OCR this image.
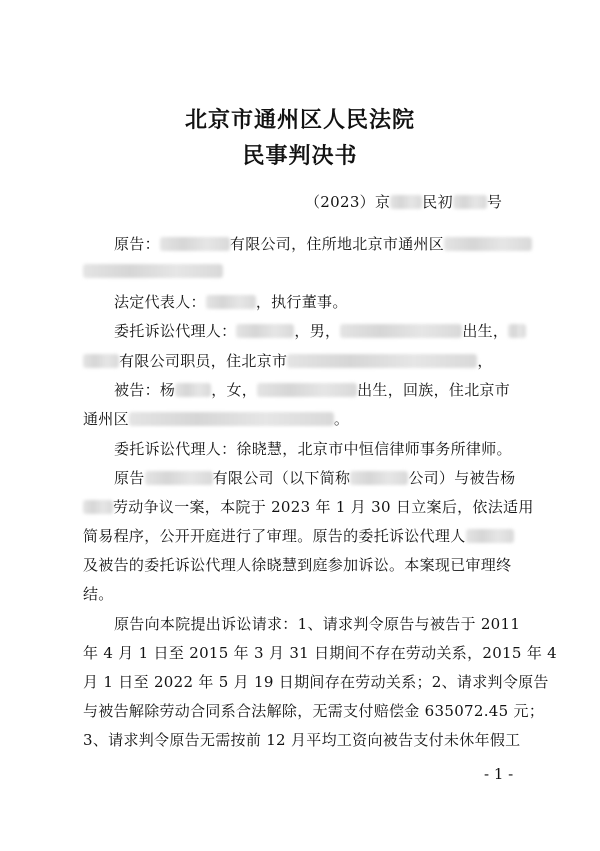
北京市通州区人民法院
民事判决书
（2023）京 民初 号
原告：	有限公司，住所地北京市通州区
法定代表人：	，执行董事。
委托诉讼代理人：	，男，	出生，
有限公司职员，住北京市	，
被告：杨 ，女，	出生，回族，住北京市
通州区	。
委托诉讼代理人：徐晓慧，北京市中恒信律师事务所律师。
原告	有限公司（以下简称	公司）与被告杨
劳动争议一案，本院于 2023 年 1 月 30 日立案后，依法适用
简易程序，公开开庭进行了审理。原告的委托诉讼代理人
及被告的委托诉讼代理人徐晓慧到庭参加诉讼。本案现已审理终
结。
原告向本院提出诉讼请求：1、请求判令原告与被告于 2011
年 4 月 1 日至 2015 年 3 月 31 日期间不存在劳动关系，2015 年 4
月 1 日至 2022 年 5 月 19 日期间存在劳动关系；2、请求判令原告
与被告解除劳动合同系合法解除，无需支付赔偿金 635072.45 元；
3、请求判令原告无需按前 12 月平均工资向被告支付未休年假工
- 1 -
